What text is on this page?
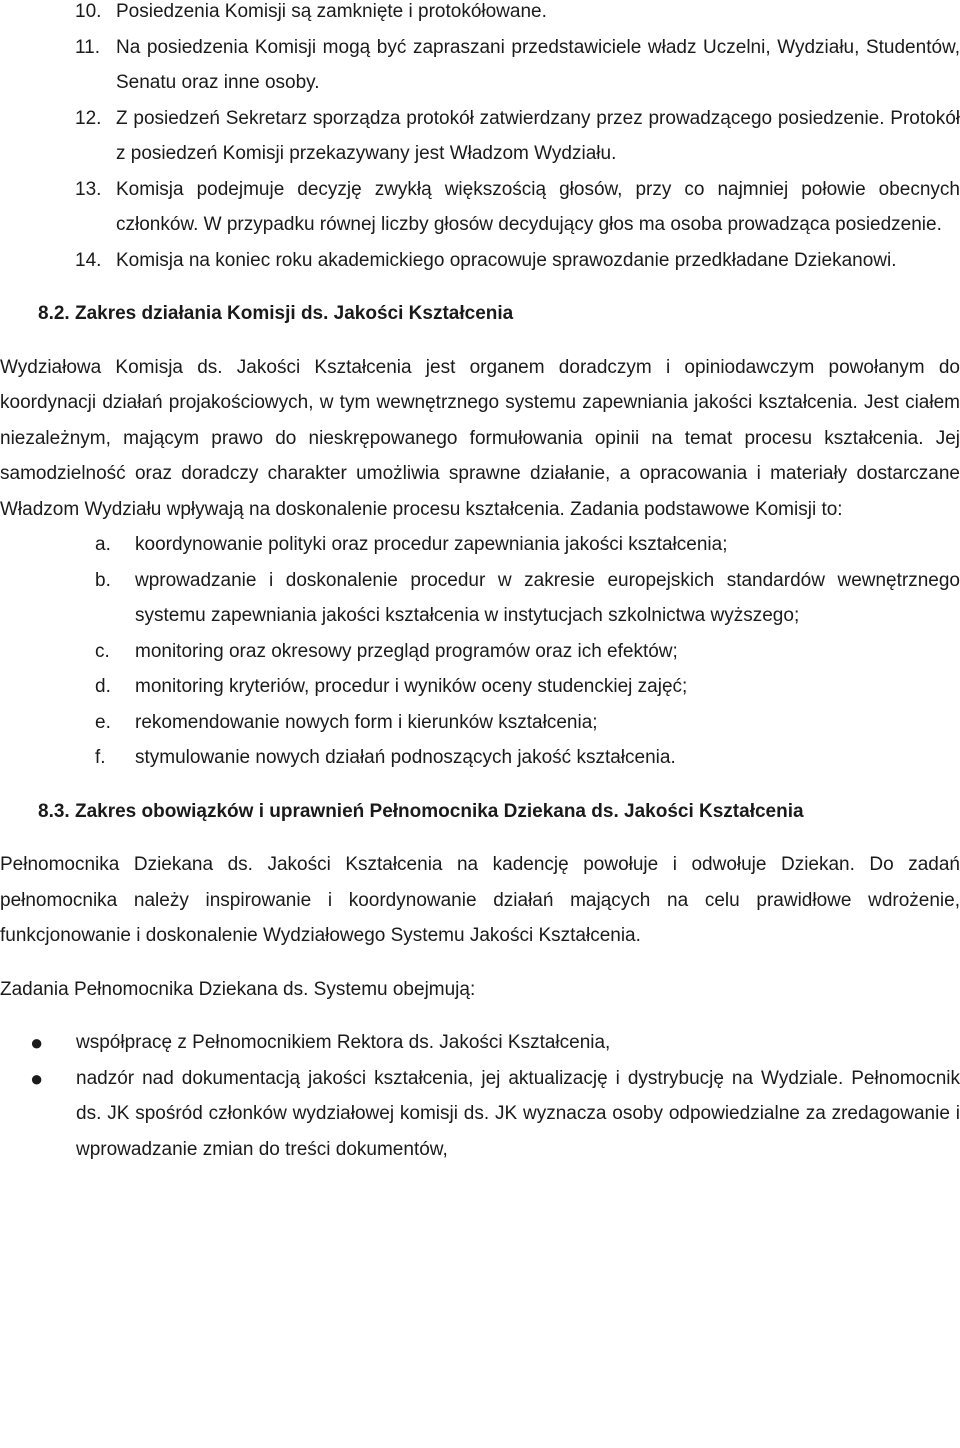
10. Posiedzenia Komisji są zamknięte i protokółowane.
11. Na posiedzenia Komisji mogą być zapraszani przedstawiciele władz Uczelni, Wydziału, Studentów, Senatu oraz inne osoby.
12. Z posiedzeń Sekretarz sporządza protokół zatwierdzany przez prowadzącego posiedzenie. Protokół z posiedzeń Komisji przekazywany jest Władzom Wydziału.
13. Komisja podejmuje decyzję zwykłą większością głosów, przy co najmniej połowie obecnych członków. W przypadku równej liczby głosów decydujący głos ma osoba prowadząca posiedzenie.
14. Komisja na koniec roku akademickiego opracowuje sprawozdanie przedkładane Dziekanowi.
8.2. Zakres działania Komisji ds. Jakości Kształcenia
Wydziałowa Komisja ds. Jakości Kształcenia jest organem doradczym i opiniodawczym powołanym do koordynacji działań projakościowych, w tym wewnętrznego systemu zapewniania jakości kształcenia. Jest ciałem niezależnym, mającym prawo do nieskrępowanego formułowania opinii na temat procesu kształcenia. Jej samodzielność oraz doradczy charakter umożliwia sprawne działanie, a opracowania i materiały dostarczane Władzom Wydziału wpływają na doskonalenie procesu kształcenia. Zadania podstawowe Komisji to:
a.	koordynowanie polityki oraz procedur zapewniania jakości kształcenia;
b.	wprowadzanie i doskonalenie procedur w zakresie europejskich standardów wewnętrznego systemu zapewniania jakości kształcenia w instytucjach szkolnictwa wyższego;
c.	monitoring oraz okresowy przegląd programów oraz ich efektów;
d.	monitoring kryteriów, procedur i wyników oceny studenckiej zajęć;
e.	rekomendowanie nowych form i kierunków kształcenia;
f.	stymulowanie nowych działań podnoszących jakość kształcenia.
8.3. Zakres obowiązków i uprawnień Pełnomocnika Dziekana ds. Jakości Kształcenia
Pełnomocnika Dziekana ds. Jakości Kształcenia na kadencję powołuje i odwołuje Dziekan. Do zadań pełnomocnika należy inspirowanie i koordynowanie działań mających na celu prawidłowe wdrożenie, funkcjonowanie i doskonalenie Wydziałowego Systemu Jakości Kształcenia.
Zadania Pełnomocnika Dziekana ds. Systemu obejmują:
●	współpracę z Pełnomocnikiem Rektora ds. Jakości Kształcenia,
●	nadzór nad dokumentacją jakości kształcenia, jej aktualizację i dystrybucję na Wydziale. Pełnomocnik ds. JK spośród członków wydziałowej komisji ds. JK wyznacza osoby odpowiedzialne za zredagowanie i wprowadzanie zmian do treści dokumentów,
